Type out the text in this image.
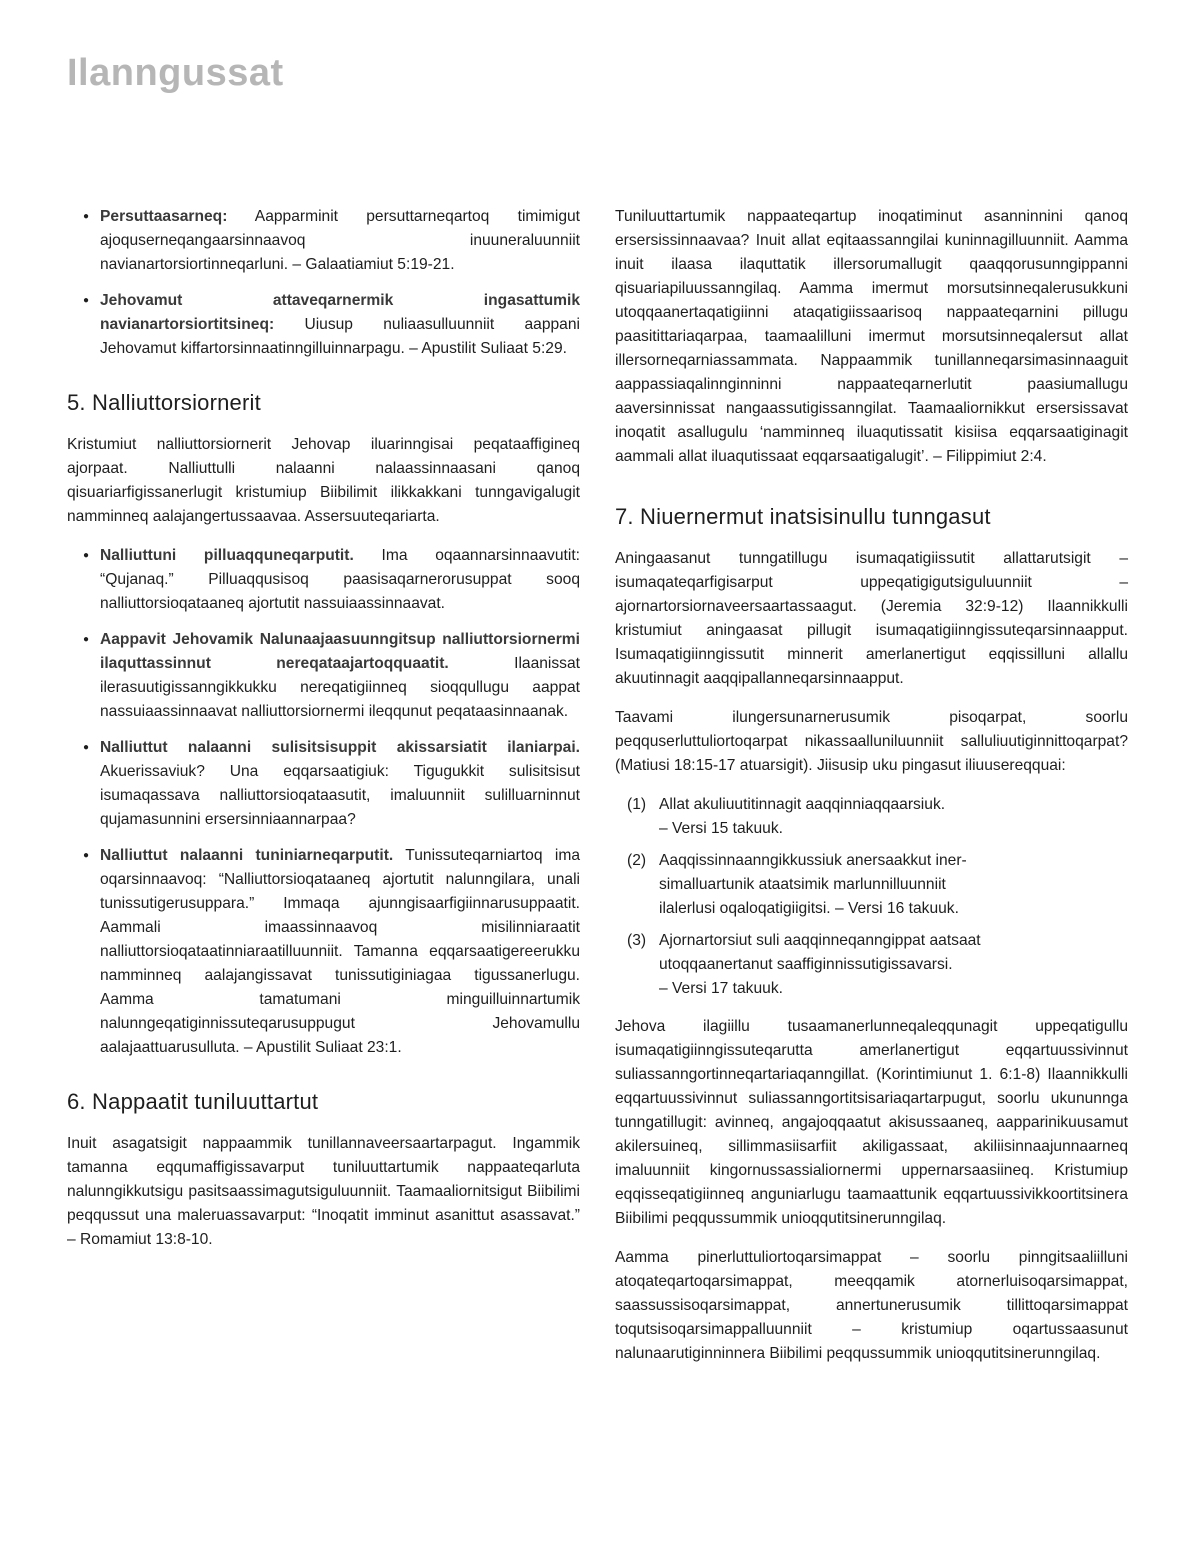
Ilanngussat
● Persuttaasarneq: Aapparminit persuttarneqartoq timimigut ajoquserneqangaarsinnaavoq inuuneraluunniit navianartorsiortinneqarluni. – Galaatiamiut 5:19-21.
● Jehovamut attaveqarnermik ingasattumik navianartorsiortitsineq: Uiusup nuliaasulluunniit aappani Jehovamut kiffartorsinnaatinngilluinnarpagu. – Apustilit Suliaat 5:29.
5. Nalliuttorsiornerit

Kristumiut nalliuttorsiornerit Jehovap iluarinngisai peqataaffigineq ajorpaat. Nalliuttulli nalaanni nalaassinnaasani qanoq qisuariarfigissanerlugit kristumiup Biibilimit ilikkakkani tunngavigalugit namminneq aalajangertussaavaa. Assersuuteqariarta.

● Nalliuttuni pilluaqquneqarputit. Ima oqaannarsinnaavutit: “Qujanaq.” Pilluaqqusisoq paasisaqarnerorusuppat sooq nalliuttorsioqataaneq ajortutit nassuiaassinnaavat.
● Aappavit Jehovamik Nalunaajaasuunngitsup nalliuttorsiornermi ilaquttassinnut nereqataajartoqquaatit. Ilaanissat ilerasuutigissanngikkukku nereqatigiinneq sioqqullugu aappat nassuiaassinnaavat nalliuttorsiornermi ileqqunut peqataasinnaanak.
● Nalliuttut nalaanni sulisitsisuppit akissarsiatit ilaniarpai. Akuerissaviuk? Una eqqarsaatigiuk: Tigugukkit sulisitsisut isumaqassava nalliuttorsioqataasutit, imaluunniit sulilluarninnut qujamasunnini ersersinniaannarpaa?
● Nalliuttut nalaanni tuniniarneqarputit. Tunissuteqarniartoq ima oqarsinnaavoq: “Nalliuttorsioqataaneq ajortutit nalunngilara, unali tunissutigerusuppara.” Immaqa ajunngisaarfigiinnarusuppaatit. Aammali imaassinnaavoq misilinniaraatit nalliuttorsioqataatinniaraatilluunniit. Tamanna eqqarsaatigereerukku namminneq aalajangissavat tunissutiginiagaa tigussanerlugu. Aamma tamatumani minguilluinnartumik nalunngeqatiginnissuteqarusuppugut Jehovamullu aalajaattuarusulluta. – Apustilit Suliaat 23:1.
6. Nappaatit tuniluuttartut

Inuit asagatsigit nappaammik tunillannaveersaartarpagut. Ingammik tamanna eqqumaffigissavarput tuniluuttartumik nappaateqarluta nalunngikkutsigu pasitsaassimagutsiguluunniit. Taamaaliornitsigut Biibilimi peqqussut una maleruassavarput: “Inoqatit imminut asanittut asassavat.” – Romamiut 13:8-10.

Tuniluuttartumik nappaateqartup inoqatiminut asanninnini qanoq ersersissinnaavaa? Inuit allat eqitaassanngilai kuninnagilluunniit. Aamma inuit ilaasa ilaquttatik illersorumallugit qaaqqorusunngippanni qisuariapiluussanngilaq. Aamma imermut morsutsinneqalerusukkuni utoqqaanertaqatigiinni ataqatigiissaarisoq nappaateqarnini pillugu paasitittariaqarpaa, taamaalilluni imermut morsutsinneqalersut allat illersorneqarniassammata. Nappaammik tunillanneqarsimasinnaaguit aappassiaqalinnginninni nappaateqarnerlutit paasiumallugu aaversinnissat nangaassutigissanngilat. Taamaaliornikkut ersersissavat inoqatit asallugulu ‘namminneq iluaqutissatit kisiisa eqqarsaatiginagit aammali allat iluaqutissaat eqqarsaatigalugit’. – Filippimiut 2:4.

7. Niuernermut inatsisinullu tunngasut

Aningaasanut tunngatillugu isumaqatigiissutit allattarutsigit – isumaqateqarfigisarput uppeqatigigutsiguluunniit – ajornartorsiornaveersaartassaagut. (Jeremia 32:9-12) Ilaannikkulli kristumiut aningaasat pillugit isumaqatigiinngissuteqarsinnaapput. Isumaqatigiinngissutit minnerit amerlanertigut eqqissilluni allallu akuutinnagit aaqqipallanneqarsinnaapput.

Taavami ilungersunarnerusumik pisoqarpat, soorlu peqquserluttuliortoqarpat nikassaalluniluunniit salluliuutiginnittoqarpat? (Matiusi 18:15-17 atuarsigit). Jiisusip uku pingasut iliuusereqquai:

(1) Allat akuliuutitinnagit aaqqinniaqqaarsiuk.
– Versi 15 takuuk.
(2) Aaqqissinnaanngikkussiuk anersaakkut iner-
simalluartunik ataatsimik marlunnilluunniit
ilalerlusi oqaloqatigiigitsi. – Versi 16 takuuk.
(3) Ajornartorsiut suli aaqqinneqanngippat aatsaat
utoqqaanertanut saaffiginnissutigissavarsi.
– Versi 17 takuuk.

Jehova ilagiillu tusaamanerlunneqaleqqunagit uppeqatigullu isumaqatigiinngissuteqarutta amerlanertigut eqqartuussivinnut suliassanngortinneqartariaqanngillat. (Korintimiunut 1. 6:1-8) Ilaannikkulli eqqartuussivinnut suliassanngortitsisariaqartarpugut, soorlu ukununnga tunngatillugit: avinneq, angajoqqaatut akisussaaneq, aapparinikuusamut akilersuineq, sillimmasiisarfiit akiligassaat, akiliisinnaajunnaarneq imaluunniit kingornussassialiornermi uppernarsaasiineq. Kristumiup eqqisseqatigiinneq anguniarlugu taamaattunik eqqartuussivikkoortitsinera Biibilimi peqqussummik unioqqutitsinerunngilaq.

Aamma pinerluttuliortoqarsimappat – soorlu pinngitsaaliilluni atoqateqartoqarsimappat, meeqqamik atornerluisoqarsimappat, saassussisoqarsimappat, annertunerusumik tillittoqarsimappat toqutsisoqarsimappalluunniit – kristumiup oqartussaasunut nalunaarutiginninnera Biibilimi peqqussummik unioqqutitsinerunngilaq.
